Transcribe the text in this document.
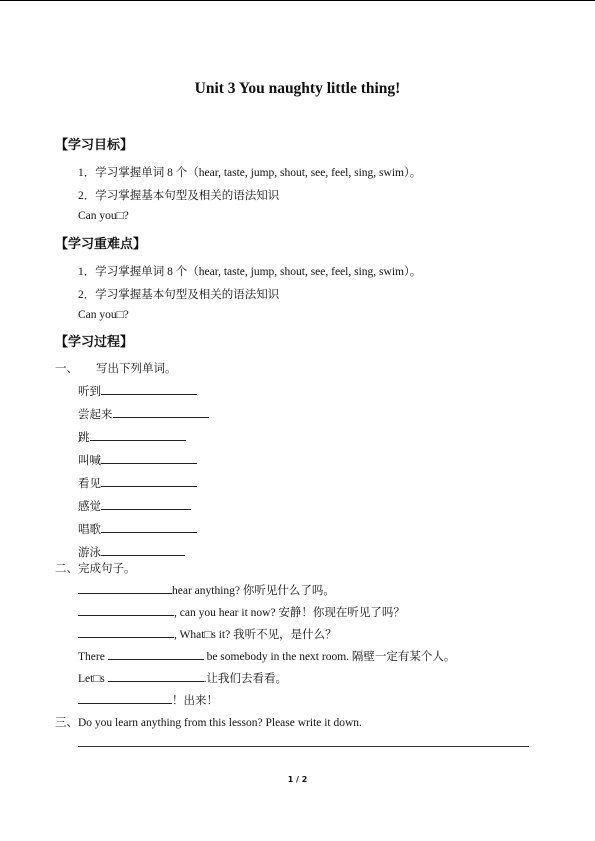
Unit 3 You naughty little thing!
【学习目标】
1．学习掌握单词 8 个（hear, taste, jump, shout, see, feel, sing, swim）。
2．学习掌握基本句型及相关的语法知识
Can you□?
【学习重难点】
1．学习掌握单词 8 个（hear, taste, jump, shout, see, feel, sing, swim）。
2．学习掌握基本句型及相关的语法知识
Can you□?
【学习过程】
一、 写出下列单词。
听到
尝起来
跳
叫喊
看见
感觉
唱歌
游泳
二、完成句子。
hear anything? 你听见什么了吗。
, can you hear it now? 安静！你现在听见了吗？
, What□s it? 我听不见，是什么？
There	be somebody in the next room. 隔壁一定有某个人。
Let□s	.让我们去看看。
！出来！
三、Do you learn anything from this lesson? Please write it down.
1 / 2
